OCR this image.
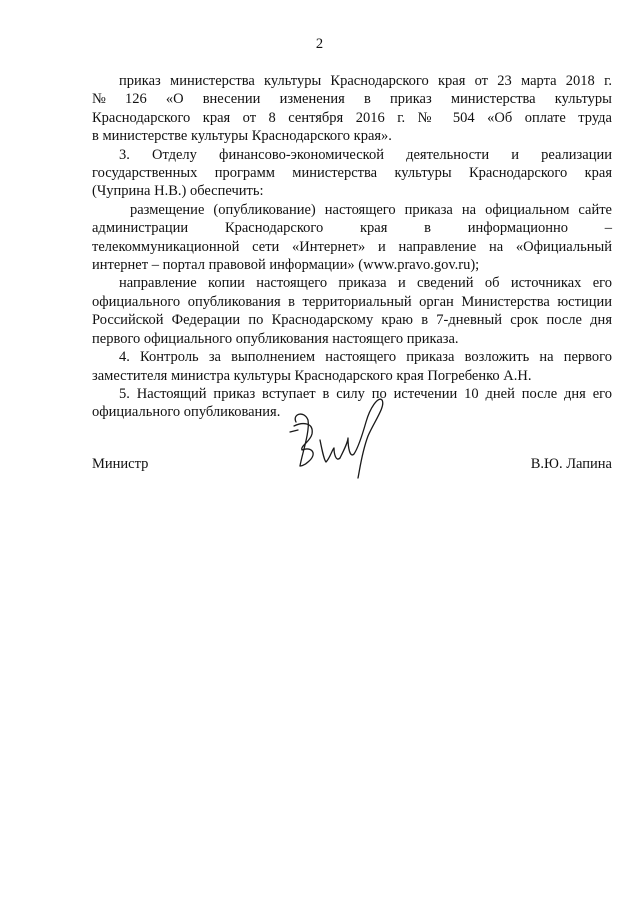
2
приказ министерства культуры Краснодарского края от 23 марта 2018 г.
№ 126 «О внесении изменения в приказ министерства культуры
Краснодарского края от 8 сентября 2016 г. № 504 «Об оплате труда
в министерстве культуры Краснодарского края».
3. Отделу финансово-экономической деятельности и реализации
государственных программ министерства культуры Краснодарского края
(Чуприна Н.В.) обеспечить:
размещение (опубликование) настоящего приказа на официальном сайте
администрации Краснодарского края в информационно –
телекоммуникационной сети «Интернет» и направление на «Официальный
интернет – портал правовой информации» (www.pravo.gov.ru);
направление копии настоящего приказа и сведений об источниках его
официального опубликования в территориальный орган Министерства юстиции
Российской Федерации по Краснодарскому краю в 7-дневный срок после дня
первого официального опубликования настоящего приказа.
4. Контроль за выполнением настоящего приказа возложить на первого
заместителя министра культуры Краснодарского края Погребенко А.Н.
5. Настоящий приказ вступает в силу по истечении 10 дней после дня его
официального опубликования.
Министр	В.Ю. Лапина
